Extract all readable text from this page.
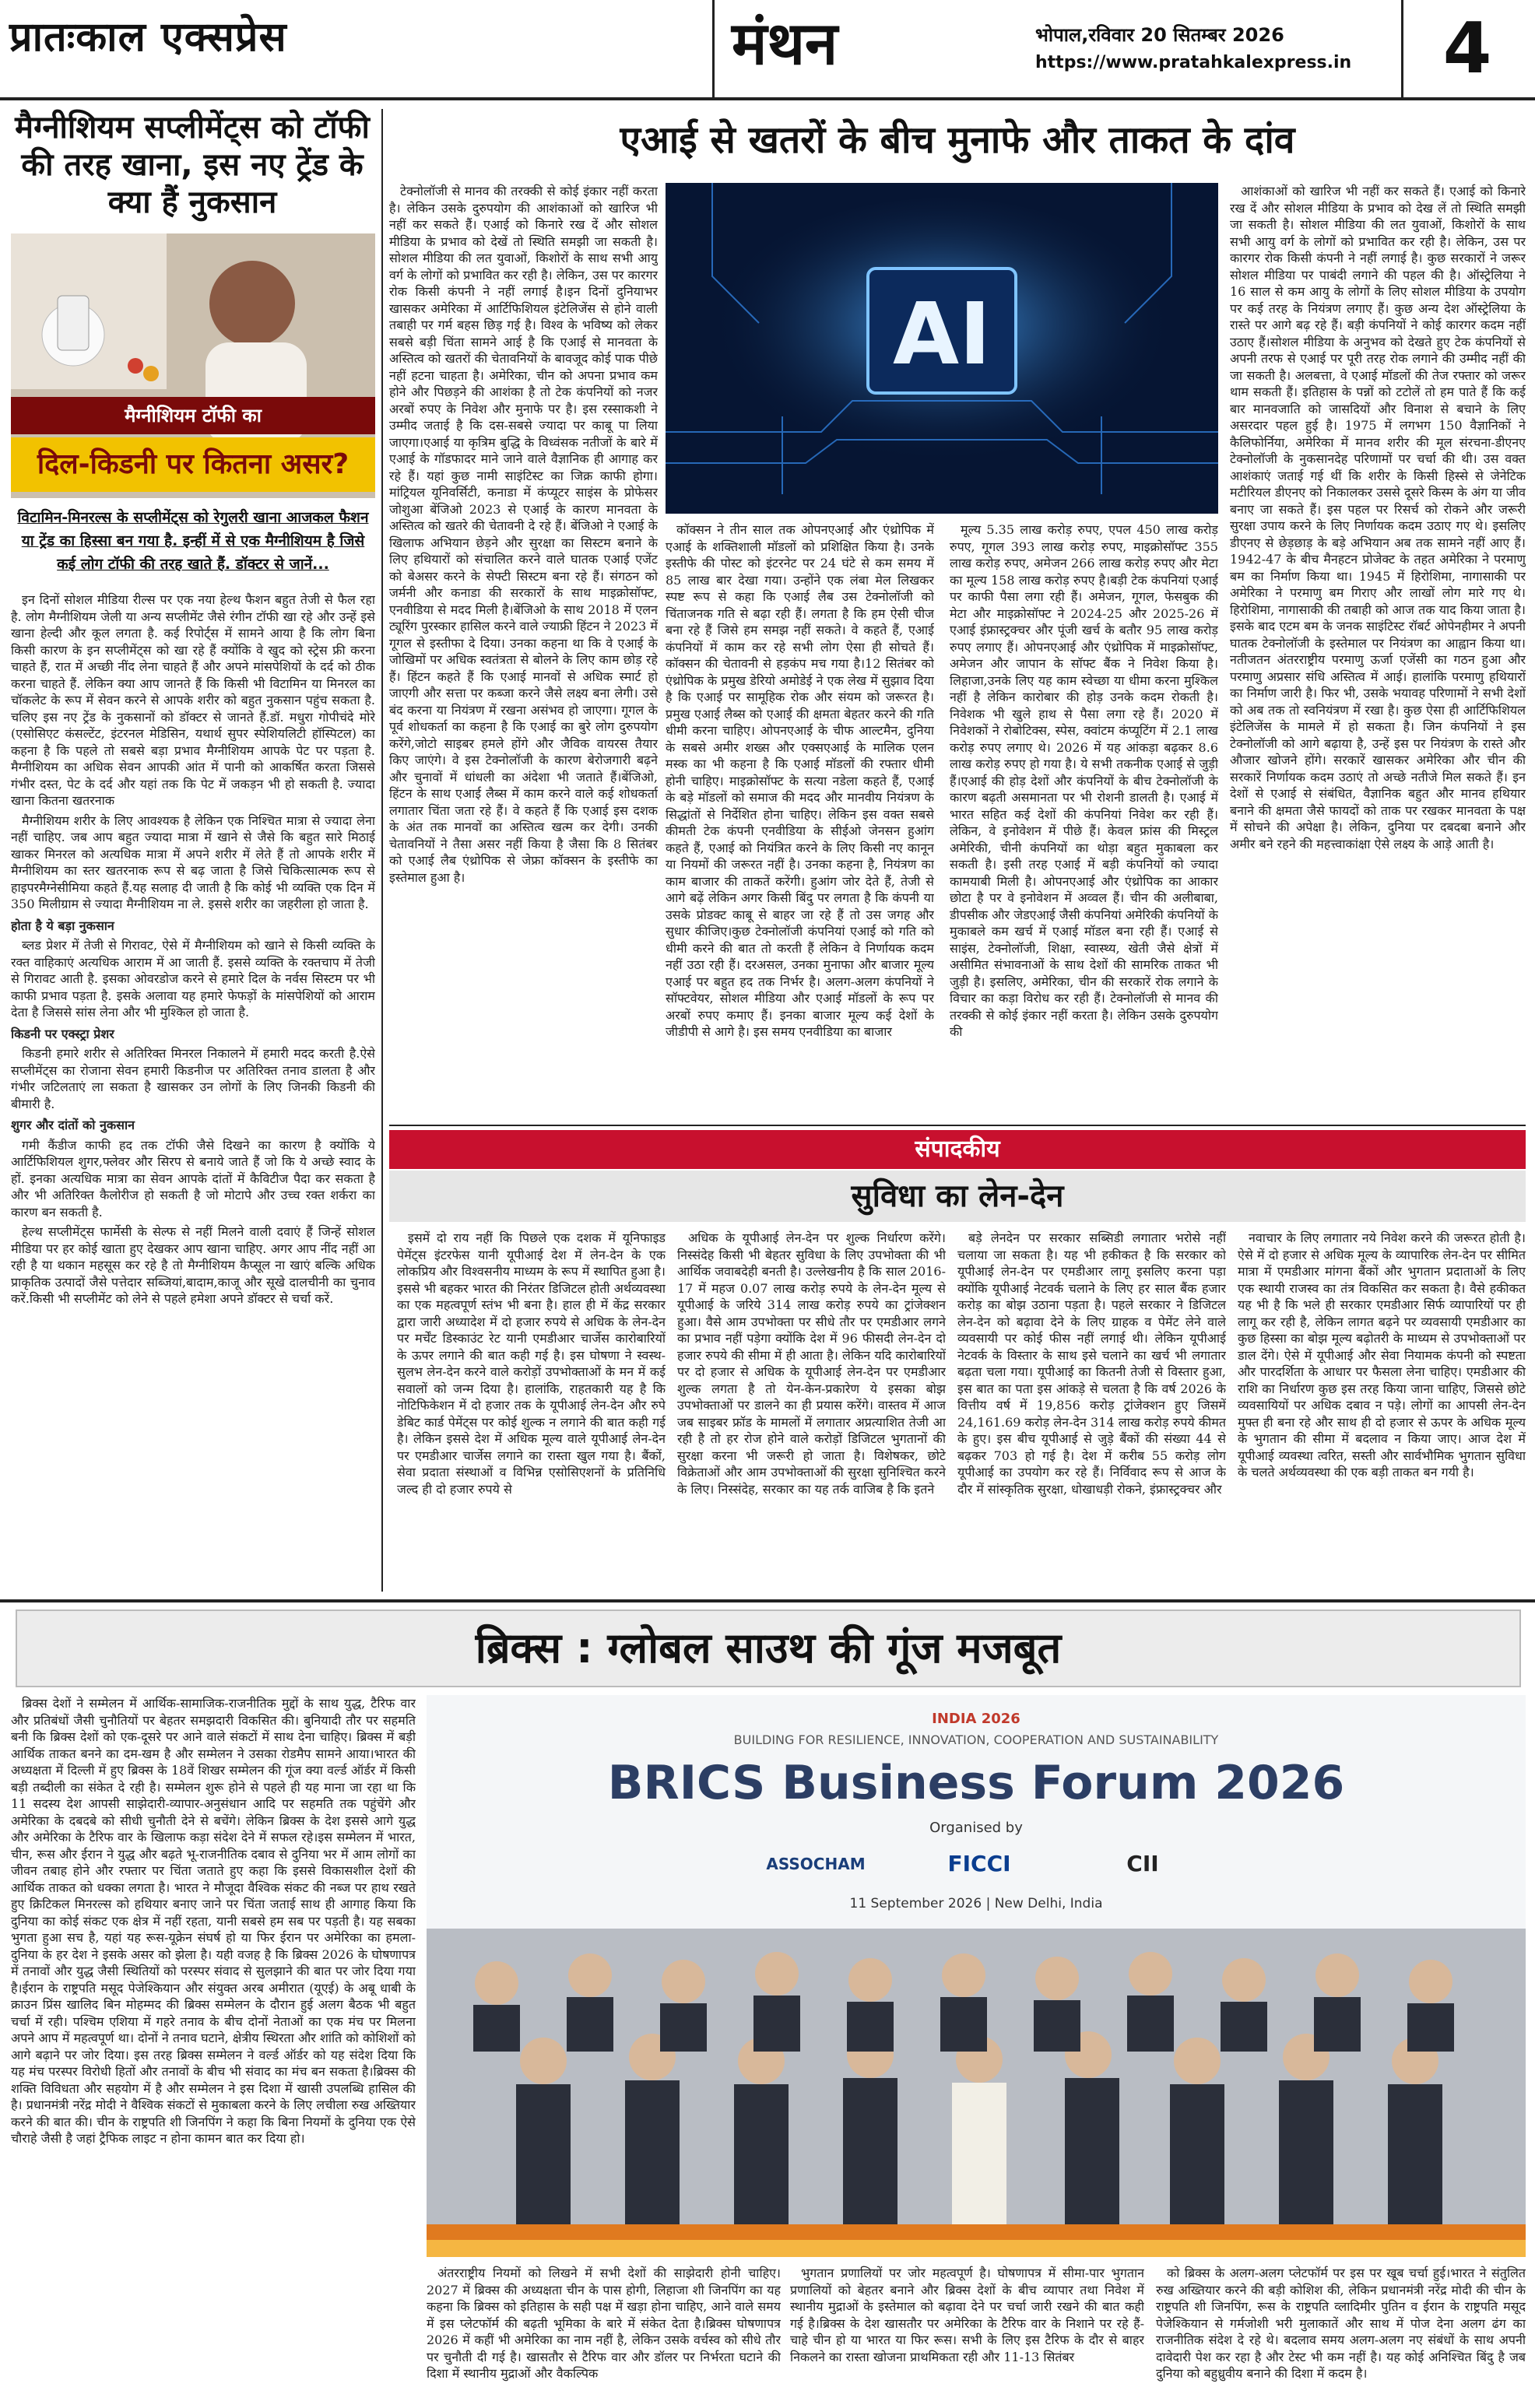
प्रातःकाल एक्सप्रेस	मंथन	भोपाल,रविवार 20 सितम्बर 2026
https://www.pratahkalexpress.in	4
मैग्नीशियम सप्लीमेंट्स को टॉफी की तरह खाना, इस नए ट्रेंड के क्या हैं नुकसान
मैग्नीशियम टॉफी का
दिल-किडनी पर कितना असर?
विटामिन-मिनरल्स के सप्लीमेंट्स को रेगुलरी खाना आजकल फैशन या ट्रेंड का हिस्सा बन गया है. इन्हीं में से एक मैग्नीशियम है जिसे कई लोग टॉफी की तरह खाते हैं. डॉक्टर से जानें...

इन दिनों सोशल मीडिया रील्स पर एक नया हेल्थ फैशन बहुत तेजी से फैल रहा है. लोग मैग्नीशियम जेली या अन्य सप्लीमेंट जैसे रंगीन टॉफी खा रहे और उन्हें इसे खाना हेल्दी और कूल लगता है. कई रिपोर्ट्स में सामने आया है कि लोग बिना किसी कारण के इन सप्लीमेंट्स को खा रहे हैं क्योंकि वे खुद को स्ट्रेस फ्री करना चाहते हैं, रात में अच्छी नींद लेना चाहते हैं और अपने मांसपेशियों के दर्द को ठीक करना चाहते हैं. लेकिन क्या आप जानते हैं कि किसी भी विटामिन या मिनरल का चॉकलेट के रूप में सेवन करने से आपके शरीर को बहुत नुकसान पहुंच सकता है. चलिए इस नए ट्रेंड के नुकसानों को डॉक्टर से जानते हैं.डॉ. मधुरा गोपीचंदे मोरे (एसोसिएट कंसल्टेंट, इंटरनल मेडिसिन, यथार्थ सुपर स्पेशियलिटी हॉस्पिटल) का कहना है कि पहले तो सबसे बड़ा प्रभाव मैग्नीशियम आपके पेट पर पड़ता है. मैग्नीशियम का अधिक सेवन आपकी आंत में पानी को आकर्षित करता जिससे गंभीर दस्त, पेट के दर्द और यहां तक कि पेट में जकड़न भी हो सकती है. ज्यादा खाना कितना खतरनाक

मैग्नीशियम शरीर के लिए आवश्यक है लेकिन एक निश्चित मात्रा से ज्यादा लेना नहीं चाहिए. जब आप बहुत ज्यादा मात्रा में खाने से जैसे कि बहुत सारे मिठाई खाकर मिनरल को अत्यधिक मात्रा में अपने शरीर में लेते हैं तो आपके शरीर में मैग्नीशियम का स्तर खतरनाक रूप से बढ़ जाता है जिसे चिकित्सात्मक रूप से हाइपरमैग्नेसीमिया कहते हैं.यह सलाह दी जाती है कि कोई भी व्यक्ति एक दिन में 350 मिलीग्राम से ज्यादा मैग्नीशियम ना ले. इससे शरीर का जहरीला हो जाता है.

होता है ये बड़ा नुकसान

ब्लड प्रेशर में तेजी से गिरावट, ऐसे में मैग्नीशियम को खाने से किसी व्यक्ति के रक्त वाहिकाएं अत्यधिक आराम में आ जाती हैं. इससे व्यक्ति के रक्तचाप में तेजी से गिरावट आती है. इसका ओवरडोज करने से हमारे दिल के नर्वस सिस्टम पर भी काफी प्रभाव पड़ता है. इसके अलावा यह हमारे फेफड़ों के मांसपेशियों को आराम देता है जिससे सांस लेना और भी मुश्किल हो जाता है.

किडनी पर एक्स्ट्रा प्रेशर

किडनी हमारे शरीर से अतिरिक्त मिनरल निकालने में हमारी मदद करती है.ऐसे सप्लीमेंट्स का रोजाना सेवन हमारी किडनीज पर अतिरिक्त तनाव डालता है और गंभीर जटिलताएं ला सकता है खासकर उन लोगों के लिए जिनकी किडनी की बीमारी है.

शुगर और दांतों को नुकसान

गमी कैंडीज काफी हद तक टॉफी जैसे दिखने का कारण है क्योंकि ये आर्टिफिशियल शुगर,फ्लेवर और सिरप से बनाये जाते हैं जो कि ये अच्छे स्वाद के हों. इनका अत्यधिक मात्रा का सेवन आपके दांतों में कैविटीज पैदा कर सकता है और भी अतिरिक्त कैलोरीज हो सकती है जो मोटापे और उच्च रक्त शर्करा का कारण बन सकती है.

हेल्थ सप्लीमेंट्स फार्मेसी के सेल्फ से नहीं मिलने वाली दवाएं हैं जिन्हें सोशल मीडिया पर हर कोई खाता हुए देखकर आप खाना चाहिए. अगर आप नींद नहीं आ रही है या थकान महसूस कर रहे है तो मैग्नीशियम कैप्सूल ना खाएं बल्कि अधिक प्राकृतिक उत्पादों जैसे पत्तेदार सब्जियां,बादाम,काजू और सूखे दालचीनी का चुनाव करें.किसी भी सप्लीमेंट को लेने से पहले हमेशा अपने डॉक्टर से चर्चा करें.

एआई से खतरों के बीच मुनाफे और ताकत के दांव

टेक्नोलॉजी से मानव की तरक्की से कोई इंकार नहीं करता है। लेकिन उसके दुरुपयोग की आशंकाओं को खारिज भी नहीं कर सकते हैं। एआई को किनारे रख दें और सोशल मीडिया के प्रभाव को देखें तो स्थिति समझी जा सकती है। सोशल मीडिया की लत युवाओं, किशोरों के साथ सभी आयु वर्ग के लोगों को प्रभावित कर रही है। लेकिन, उस पर कारगर रोक किसी कंपनी ने नहीं लगाई है।इन दिनों दुनियाभर खासकर अमेरिका में आर्टिफिशियल इंटेलिजेंस से होने वाली तबाही पर गर्म बहस छिड़ गई है। विश्व के भविष्य को लेकर सबसे बड़ी चिंता सामने आई है कि एआई से मानवता के अस्तित्व को खतरों की चेतावनियों के बावजूद कोई पाक पीछे नहीं हटना चाहता है। अमेरिका, चीन को अपना प्रभाव कम होने और पिछड़ने की आशंका है तो टेक कंपनियों को नजर अरबों रुपए के निवेश और मुनाफे पर है। इस रस्साकशी ने उम्मीद जताई है कि दस-सबसे ज्यादा पर काबू पा लिया जाएगा।एआई या कृत्रिम बुद्धि के विध्वंसक नतीजों के बारे में एआई के गॉडफादर माने जाने वाले वैज्ञानिक ही आगाह कर रहे हैं। यहां कुछ नामी साइंटिस्ट का जिक्र काफी होगा। मांट्रियल यूनिवर्सिटी, कनाडा में कंप्यूटर साइंस के प्रोफेसर जोशुआ बेंजिओ 2023 से एआई के कारण मानवता के अस्तित्व को खतरे की चेतावनी दे रहे हैं। बेंजिओ ने एआई के खिलाफ अभियान छेड़ने और सुरक्षा का सिस्टम बनाने के लिए हथियारों को संचालित करने वाले घातक एआई एजेंट को बेअसर करने के सेफ्टी सिस्टम बना रहे हैं। संगठन को जर्मनी और कनाडा की सरकारों के साथ माइक्रोसॉफ्ट, एनवीडिया से मदद मिली है।बेंजिओ के साथ 2018 में एलन ट्यूरिंग पुरस्कार हासिल करने वाले ज्याफ्री हिंटन ने 2023 में गूगल से इस्तीफा दे दिया। उनका कहना था कि वे एआई के जोखिमों पर अधिक स्वतंत्रता से बोलने के लिए काम छोड़ रहे हैं। हिंटन कहते हैं कि एआई मानवों से अधिक स्मार्ट हो जाएगी और सत्ता पर कब्जा करने जैसे लक्ष्य बना लेगी। उसे बंद करना या नियंत्रण में रखना असंभव हो जाएगा। गूगल के पूर्व शोधकर्ता का कहना है कि एआई का बुरे लोग दुरुपयोग करेंगे,जोटो साइबर हमले होंगे और जैविक वायरस तैयार किए जाएंगे। वे इस टेक्नोलॉजी के कारण बेरोजगारी बढ़ने और चुनावों में धांधली का अंदेशा भी जताते हैं।बेंजिओ, हिंटन के साथ एआई लैब्स में काम करने वाले कई शोधकर्ता लगातार चिंता जता रहे हैं। वे कहते हैं कि एआई इस दशक के अंत तक मानवों का अस्तित्व खत्म कर देगी। उनकी चेतावनियों ने तैसा असर नहीं किया है जैसा कि 8 सितंबर को एआई लैब एंथ्रोपिक से जेफ्रा कॉक्सन के इस्तीफे का इस्तेमाल हुआ है।

AI

कॉक्सन ने तीन साल तक ओपनएआई और एंथ्रोपिक में एआई के शक्तिशाली मॉडलों को प्रशिक्षित किया है। उनके इस्तीफे की पोस्ट को इंटरनेट पर 24 घंटे से कम समय में 85 लाख बार देखा गया। उन्होंने एक लंबा मेल लिखकर स्पष्ट रूप से कहा कि एआई लैब उस टेक्नोलॉजी को चिंताजनक गति से बढ़ा रही हैं। लगता है कि हम ऐसी चीज बना रहे हैं जिसे हम समझ नहीं सकते। वे कहते हैं, एआई कंपनियों में काम कर रहे सभी लोग ऐसा ही सोचते हैं। कॉक्सन की चेतावनी से हड़कंप मच गया है।12 सितंबर को एंथ्रोपिक के प्रमुख डेरियो अमोडेई ने एक लेख में सुझाव दिया है कि एआई पर सामूहिक रोक और संयम को जरूरत है। प्रमुख एआई लैब्स को एआई की क्षमता बेहतर करने की गति धीमी करना चाहिए। ओपनएआई के चीफ आल्टमैन, दुनिया के सबसे अमीर शख्स और एक्सएआई के मालिक एलन मस्क का भी कहना है कि एआई मॉडलों की रफ्तार धीमी होनी चाहिए। माइक्रोसॉफ्ट के सत्या नडेला कहते हैं, एआई के बड़े मॉडलों को समाज की मदद और मानवीय नियंत्रण के सिद्धांतों से निर्देशित होना चाहिए। लेकिन इस वक्त सबसे कीमती टेक कंपनी एनवीडिया के सीईओ जेनसन हुआंग कहते हैं, एआई को नियंत्रित करने के लिए किसी नए कानून या नियमों की जरूरत नहीं है। उनका कहना है, नियंत्रण का काम बाजार की ताकतें करेंगी। हुआंग जोर देते हैं, तेजी से आगे बढ़ें लेकिन अगर किसी बिंदु पर लगता है कि कंपनी या उसके प्रोडक्ट काबू से बाहर जा रहे हैं तो उस जगह और सुधार कीजिए।कुछ टेक्नोलॉजी कंपनियां एआई को गति को धीमी करने की बात तो करती हैं लेकिन वे निर्णायक कदम नहीं उठा रही हैं। दरअसल, उनका मुनाफा और बाजार मूल्य एआई पर बहुत हद तक निर्भर है। अलग-अलग कंपनियों ने सॉफ्टवेयर, सोशल मीडिया और एआई मॉडलों के रूप पर अरबों रुपए कमाए हैं। इनका बाजार मूल्य कई देशों के जीडीपी से आगे है। इस समय एनवीडिया का बाजार

मूल्य 5.35 लाख करोड़ रुपए, एपल 450 लाख करोड़ रुपए, गूगल 393 लाख करोड़ रुपए, माइक्रोसॉफ्ट 355 लाख करोड़ रुपए, अमेजन 266 लाख करोड़ रुपए और मेटा का मूल्य 158 लाख करोड़ रुपए है।बड़ी टेक कंपनियां एआई पर काफी पैसा लगा रही हैं। अमेजन, गूगल, फेसबुक की मेटा और माइक्रोसॉफ्ट ने 2024-25 और 2025-26 में एआई इंफ्रास्ट्रक्चर और पूंजी खर्च के बतौर 95 लाख करोड़ रुपए लगाए हैं। ओपनएआई और एंथ्रोपिक में माइक्रोसॉफ्ट, अमेजन और जापान के सॉफ्ट बैंक ने निवेश किया है। लिहाजा,उनके लिए यह काम स्वेच्छा या धीमा करना मुश्किल नहीं है लेकिन कारोबार की होड़ उनके कदम रोकती है। निवेशक भी खुले हाथ से पैसा लगा रहे हैं। 2020 में निवेशकों ने रोबोटिक्स, स्पेस, क्वांटम कंप्यूटिंग में 2.1 लाख करोड़ रुपए लगाए थे। 2026 में यह आंकड़ा बढ़कर 8.6 लाख करोड़ रुपए हो गया है। ये सभी तकनीक एआई से जुड़ी हैं।एआई की होड़ देशों और कंपनियों के बीच टेक्नोलॉजी के कारण बढ़ती असमानता पर भी रोशनी डालती है। एआई में भारत सहित कई देशों की कंपनियां निवेश कर रही हैं। लेकिन, वे इनोवेशन में पीछे हैं। केवल फ्रांस की मिस्ट्रल अमेरिकी, चीनी कंपनियों का थोड़ा बहुत मुकाबला कर सकती है। इसी तरह एआई में बड़ी कंपनियों को ज्यादा कामयाबी मिली है। ओपनएआई और एंथ्रोपिक का आकार छोटा है पर वे इनोवेशन में अव्वल हैं। चीन की अलीबाबा, डीपसीक और जेडएआई जैसी कंपनियां अमेरिकी कंपनियों के मुकाबले कम खर्च में एआई मॉडल बना रही हैं। एआई से साइंस, टेक्नोलॉजी, शिक्षा, स्वास्थ्य, खेती जैसे क्षेत्रों में असीमित संभावनाओं के साथ देशों की सामरिक ताकत भी जुड़ी है। इसलिए, अमेरिका, चीन की सरकारें रोक लगाने के विचार का कड़ा विरोध कर रही हैं। टेक्नोलॉजी से मानव की तरक्की से कोई इंकार नहीं करता है। लेकिन उसके दुरुपयोग की

आशंकाओं को खारिज भी नहीं कर सकते हैं। एआई को किनारे रख दें और सोशल मीडिया के प्रभाव को देख लें तो स्थिति समझी जा सकती है। सोशल मीडिया की लत युवाओं, किशोरों के साथ सभी आयु वर्ग के लोगों को प्रभावित कर रही है। लेकिन, उस पर कारगर रोक किसी कंपनी ने नहीं लगाई है। कुछ सरकारों ने जरूर सोशल मीडिया पर पाबंदी लगाने की पहल की है। ऑस्ट्रेलिया ने 16 साल से कम आयु के लोगों के लिए सोशल मीडिया के उपयोग पर कई तरह के नियंत्रण लगाए हैं। कुछ अन्य देश ऑस्ट्रेलिया के रास्ते पर आगे बढ़ रहे हैं। बड़ी कंपनियों ने कोई कारगर कदम नहीं उठाए हैं।सोशल मीडिया के अनुभव को देखते हुए टेक कंपनियों से अपनी तरफ से एआई पर पूरी तरह रोक लगाने की उम्मीद नहीं की जा सकती है। अलबत्ता, वे एआई मॉडलों की तेज रफ्तार को जरूर थाम सकती हैं। इतिहास के पन्नों को टटोलें तो हम पाते हैं कि कई बार मानवजाति को जासदियों और विनाश से बचाने के लिए असरदार पहल हुई है। 1975 में लगभग 150 वैज्ञानिकों ने कैलिफोर्निया, अमेरिका में मानव शरीर की मूल संरचना-डीएनए टेक्नोलॉजी के नुकसानदेह परिणामों पर चर्चा की थी। उस वक्त आशंकाएं जताई गई थीं कि शरीर के किसी हिस्से से जेनेटिक मटीरियल डीएनए को निकालकर उससे दूसरे किस्म के अंग या जीव बनाए जा सकते हैं। इस पहल पर रिसर्च को रोकने और जरूरी सुरक्षा उपाय करने के लिए निर्णायक कदम उठाए गए थे। इसलिए डीएनए से छेड़छाड़ के बड़े अभियान अब तक सामने नहीं आए हैं।1942-47 के बीच मैनहटन प्रोजेक्ट के तहत अमेरिका ने परमाणु बम का निर्माण किया था। 1945 में हिरोशिमा, नागासाकी पर अमेरिका ने परमाणु बम गिराए और लाखों लोग मारे गए थे। हिरोशिमा, नागासाकी की तबाही को आज तक याद किया जाता है। इसके बाद एटम बम के जनक साइंटिस्ट रॉबर्ट ओपेनहीमर ने अपनी घातक टेक्नोलॉजी के इस्तेमाल पर नियंत्रण का आह्वान किया था। नतीजतन अंतरराष्ट्रीय परमाणु ऊर्जा एजेंसी का गठन हुआ और परमाणु अप्रसार संधि अस्तित्व में आई। हालांकि परमाणु हथियारों का निर्माण जारी है। फिर भी, उसके भयावह परिणामों ने सभी देशों को अब तक तो स्वनियंत्रण में रखा है। कुछ ऐसा ही आर्टिफिशियल इंटेलिजेंस के मामले में हो सकता है। जिन कंपनियों ने इस टेक्नोलॉजी को आगे बढ़ाया है, उन्हें इस पर नियंत्रण के रास्ते और औजार खोजने होंगे। सरकारें खासकर अमेरिका और चीन की सरकारें निर्णायक कदम उठाएं तो अच्छे नतीजे मिल सकते हैं। इन देशों से एआई से संबंधित, वैज्ञानिक बहुत और मानव हथियार बनाने की क्षमता जैसे फायदों को ताक पर रखकर मानवता के पक्ष में सोचने की अपेक्षा है। लेकिन, दुनिया पर दबदबा बनाने और अमीर बने रहने की महत्त्वाकांक्षा ऐसे लक्ष्य के आड़े आती है।

संपादकीय
सुविधा का लेन-देन

इसमें दो राय नहीं कि पिछले एक दशक में यूनिफाइड पेमेंट्स इंटरफेस यानी यूपीआई देश में लेन-देन के एक लोकप्रिय और विश्वसनीय माध्यम के रूप में स्थापित हुआ है। इससे भी बहकर भारत की निरंतर डिजिटल होती अर्थव्यवस्था का एक महत्वपूर्ण स्तंभ भी बना है। हाल ही में केंद्र सरकार द्वारा जारी अध्यादेश में दो हजार रुपये से अधिक के लेन-देन पर मर्चेंट डिस्काउंट रेट यानी एमडीआर चार्जेस कारोबारियों के ऊपर लगाने की बात कही गई है। इस घोषणा ने स्वस्थ-सुलभ लेन-देन करने वाले करोड़ों उपभोक्ताओं के मन में कई सवालों को जन्म दिया है। हालांकि, राहतकारी यह है कि नोटिफिकेशन में दो हजार तक के यूपीआई लेन-देन और रुपे डेबिट कार्ड पेमेंट्स पर कोई शुल्क न लगाने की बात कही गई है। लेकिन इससे देश में अधिक मूल्य वाले यूपीआई लेन-देन पर एमडीआर चार्जेस लगाने का रास्ता खुल गया है। बैंकों, सेवा प्रदाता संस्थाओं व विभिन्न एसोसिएशनों के प्रतिनिधि जल्द ही दो हजार रुपये से

अधिक के यूपीआई लेन-देन पर शुल्क निर्धारण करेंगे। निस्संदेह किसी भी बेहतर सुविधा के लिए उपभोक्ता की भी आर्थिक जवाबदेही बनती है। उल्लेखनीय है कि साल 2016-17 में महज 0.07 लाख करोड़ रुपये के लेन-देन मूल्य से यूपीआई के जरिये 314 लाख करोड़ रुपये का ट्रांजेक्शन हुआ। वैसे आम उपभोक्ता पर सीधे तौर पर एमडीआर लगने का प्रभाव नहीं पड़ेगा क्योंकि देश में 96 फीसदी लेन-देन दो हजार रुपये की सीमा में ही आता है। लेकिन यदि कारोबारियों पर दो हजार से अधिक के यूपीआई लेन-देन पर एमडीआर शुल्क लगता है तो येन-केन-प्रकारेण ये इसका बोझ उपभोक्ताओं पर डालने का ही प्रयास करेंगे। वास्तव में आज जब साइबर फ्रॉड के मामलों में लगातार अप्रत्याशित तेजी आ रही है तो हर रोज होने वाले करोड़ों डिजिटल भुगतानों की सुरक्षा करना भी जरूरी हो जाता है। विशेषकर, छोटे विक्रेताओं और आम उपभोक्ताओं की सुरक्षा सुनिश्चित करने के लिए। निस्संदेह, सरकार का यह तर्क वाजिब है कि इतने

बड़े लेनदेन पर सरकार सब्सिडी लगातार भरोसे नहीं चलाया जा सकता है। यह भी हकीकत है कि सरकार को यूपीआई लेन-देन पर एमडीआर लागू इसलिए करना पड़ा क्योंकि यूपीआई नेटवर्क चलाने के लिए हर साल बैंक हजार करोड़ का बोझ उठाना पड़ता है। पहले सरकार ने डिजिटल लेन-देन को बढ़ावा देने के लिए ग्राहक व पेमेंट लेने वाले व्यवसायी पर कोई फीस नहीं लगाई थी। लेकिन यूपीआई नेटवर्क के विस्तार के साथ इसे चलाने का खर्च भी लगातार बढ़ता चला गया। यूपीआई का कितनी तेजी से विस्तार हुआ, इस बात का पता इस आंकड़े से चलता है कि वर्ष 2026 के वित्तीय वर्ष में 19,856 करोड़ ट्रांजेक्शन हुए जिसमें 24,161.69 करोड़ लेन-देन 314 लाख करोड़ रुपये कीमत के हुए। इस बीच यूपीआई से जुड़े बैंकों की संख्या 44 से बढ़कर 703 हो गई है। देश में करीब 55 करोड़ लोग यूपीआई का उपयोग कर रहे हैं। निर्विवाद रूप से आज के दौर में सांस्कृतिक सुरक्षा, धोखाधड़ी रोकने, इंफ्रास्ट्रक्चर और

नवाचार के लिए लगातार नये निवेश करने की जरूरत होती है। ऐसे में दो हजार से अधिक मूल्य के व्यापारिक लेन-देन पर सीमित मात्रा में एमडीआर मांगना बैंकों और भुगतान प्रदाताओं के लिए एक स्थायी राजस्व का तंत्र विकसित कर सकता है। वैसे हकीकत यह भी है कि भले ही सरकार एमडीआर सिर्फ व्यापारियों पर ही लागू कर रही है, लेकिन लागत बढ़ने पर व्यवसायी एमडीआर का कुछ हिस्सा का बोझ मूल्य बढ़ोतरी के माध्यम से उपभोक्ताओं पर डाल देंगे। ऐसे में यूपीआई और सेवा नियामक कंपनी को स्पष्टता और पारदर्शिता के आधार पर फैसला लेना चाहिए। एमडीआर की राशि का निर्धारण कुछ इस तरह किया जाना चाहिए, जिससे छोटे व्यवसायियों पर अधिक दबाव न पड़े। लोगों का आपसी लेन-देन मुफ्त ही बना रहे और साथ ही दो हजार से ऊपर के अधिक मूल्य के भुगतान की सीमा में बदलाव न किया जाए। आज देश में यूपीआई व्यवस्था त्वरित, सस्ती और सार्वभौमिक भुगतान सुविधा के चलते अर्थव्यवस्था की एक बड़ी ताकत बन गयी है।

ब्रिक्स : ग्लोबल साउथ की गूंज मजबूत

ब्रिक्स देशों ने सम्मेलन में आर्थिक-सामाजिक-राजनीतिक मुद्दों के साथ युद्ध, टैरिफ वार और प्रतिबंधों जैसी चुनौतियों पर बेहतर समझदारी विकसित की। बुनियादी तौर पर सहमति बनी कि ब्रिक्स देशों को एक-दूसरे पर आने वाले संकटों में साथ देना चाहिए। ब्रिक्स में बड़ी आर्थिक ताकत बनने का दम-खम है और सम्मेलन ने उसका रोडमैप सामने आया।भारत की अध्यक्षता में दिल्ली में हुए ब्रिक्स के 18वें शिखर सम्मेलन की गूंज क्या वर्ल्ड ऑर्डर में किसी बड़ी तब्दीली का संकेत दे रही है। सम्मेलन शुरू होने से पहले ही यह माना जा रहा था कि 11 सदस्य देश आपसी साझेदारी-व्यापार-अनुसंधान आदि पर सहमति तक पहुंचेंगे और अमेरिका के दबदबे को सीधी चुनौती देने से बचेंगे। लेकिन ब्रिक्स के देश इससे आगे युद्ध और अमेरिका के टैरिफ वार के खिलाफ कड़ा संदेश देने में सफल रहे।इस सम्मेलन में भारत, चीन, रूस और ईरान ने युद्ध और बढ़ते भू-राजनीतिक दबाव से दुनिया भर में आम लोगों का जीवन तबाह होने और रफ्तार पर चिंता जताते हुए कहा कि इससे विकासशील देशों की आर्थिक ताकत को धक्का लगता है। भारत ने मौजूदा वैश्विक संकट की नब्ज पर हाथ रखते हुए क्रिटिकल मिनरल्स को हथियार बनाए जाने पर चिंता जताई साथ ही आगाह किया कि दुनिया का कोई संकट एक क्षेत्र में नहीं रहता, यानी सबसे हम सब पर पड़ती है। यह सबका भुगता हुआ सच है, यहां यह रूस-यूक्रेन संघर्ष हो या फिर ईरान पर अमेरिका का हमला-दुनिया के हर देश ने इसके असर को झेला है। यही वजह है कि ब्रिक्स 2026 के घोषणापत्र में तनावों और युद्ध जैसी स्थितियों को परस्पर संवाद से सुलझाने की बात पर जोर दिया गया है।ईरान के राष्ट्रपति मसूद पेजेश्कियान और संयुक्त अरब अमीरात (यूएई) के अबू धाबी के क्राउन प्रिंस खालिद बिन मोहम्मद की ब्रिक्स सम्मेलन के दौरान हुई अलग बैठक भी बहुत चर्चा में रही। पश्चिम एशिया में गहरे तनाव के बीच दोनों नेताओं का एक मंच पर मिलना अपने आप में महत्वपूर्ण था। दोनों ने तनाव घटाने, क्षेत्रीय स्थिरता और शांति को कोशिशों को आगे बढ़ाने पर जोर दिया। इस तरह ब्रिक्स सम्मेलन ने वर्ल्ड ऑर्डर को यह संदेश दिया कि यह मंच परस्पर विरोधी हितों और तनावों के बीच भी संवाद का मंच बन सकता है।ब्रिक्स की शक्ति विविधता और सहयोग में है और सम्मेलन ने इस दिशा में खासी उपलब्धि हासिल की है। प्रधानमंत्री नरेंद्र मोदी ने वैश्विक संकटों से मुकाबला करने के लिए लचीला रुख अख्तियार करने की बात की। चीन के राष्ट्रपति शी जिनपिंग ने कहा कि बिना नियमों के दुनिया एक ऐसे चौराहे जैसी है जहां ट्रैफिक लाइट न होना कामन बात कर दिया हो।

INDIA 2026
BUILDING FOR RESILIENCE, INNOVATION, COOPERATION AND SUSTAINABILITY
BRICS Business Forum 2026
Organised by
ASSOCHAM	FICCI	CII
11 September 2026 | New Delhi, India

अंतरराष्ट्रीय नियमों को लिखने में सभी देशों की साझेदारी होनी चाहिए। 2027 में ब्रिक्स की अध्यक्षता चीन के पास होगी, लिहाजा शी जिनपिंग का यह कहना कि ब्रिक्स को इतिहास के सही पक्ष में खड़ा होना चाहिए, आने वाले समय में इस प्लेटफॉर्म की बढ़ती भूमिका के बारे में संकेत देता है।ब्रिक्स घोषणापत्र 2026 में कहीं भी अमेरिका का नाम नहीं है, लेकिन उसके वर्चस्व को सीधे तौर पर चुनौती दी गई है। खासतौर से टैरिफ वार और डॉलर पर निर्भरता घटाने की दिशा में स्थानीय मुद्राओं और वैकल्पिक

भुगतान प्रणालियों पर जोर महत्वपूर्ण है। घोषणापत्र में सीमा-पार भुगतान प्रणालियों को बेहतर बनाने और ब्रिक्स देशों के बीच व्यापार तथा निवेश में स्थानीय मुद्राओं के इस्तेमाल को बढ़ावा देने पर चर्चा जारी रखने की बात कही गई है।ब्रिक्स के देश खासतौर पर अमेरिका के टैरिफ वार के निशाने पर रहे हैं-चाहे चीन हो या भारत या फिर रूस। सभी के लिए इस टैरिफ के दौर से बाहर निकलने का रास्ता खोजना प्राथमिकता रही और 11-13 सितंबर

को ब्रिक्स के अलग-अलग प्लेटफॉर्म पर इस पर खूब चर्चा हुई।भारत ने संतुलित रुख अख्तियार करने की बड़ी कोशिश की, लेकिन प्रधानमंत्री नरेंद्र मोदी की चीन के राष्ट्रपति शी जिनपिंग, रूस के राष्ट्रपति व्लादिमीर पुतिन व ईरान के राष्ट्रपति मसूद पेजेश्कियान से गर्मजोशी भरी मुलाकातें और साथ में पोज देना अलग ढंग का राजनीतिक संदेश दे रहे थे। बदलाव समय अलग-अलग नए संबंधों के साथ अपनी दावेदारी पेश कर रहा है और टेस्ट भी कम नहीं है। यह कोई अनिश्चित बिंदु है जब दुनिया को बहुध्रुवीय बनाने की दिशा में कदम है।
